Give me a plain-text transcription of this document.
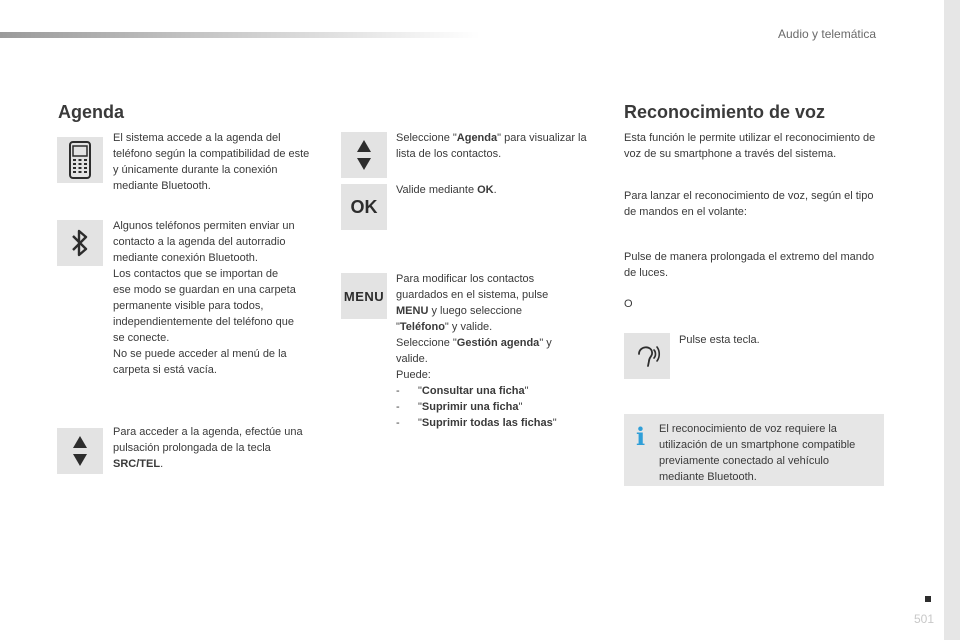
Audio y telemática
Agenda

El sistema accede a la agenda del teléfono según la compatibilidad de este y únicamente durante la conexión mediante Bluetooth.

Algunos teléfonos permiten enviar un
contacto a la agenda del autorradio
mediante conexión Bluetooth.
Los contactos que se importan de
ese modo se guardan en una carpeta
permanente visible para todos,
independientemente del teléfono que
se conecte.
No se puede acceder al menú de la
carpeta si está vacía.

Para acceder a la agenda, efectúe una pulsación prolongada de la tecla SRC/TEL.

Seleccione "Agenda" para visualizar la lista de los contactos.

OK

Valide mediante OK.

MENU
Para modificar los contactos
guardados en el sistema, pulse
MENU y luego seleccione
"Teléfono" y valide.
Seleccione "Gestión agenda" y
valide.
Puede:
- "Consultar una ficha"
- "Suprimir una ficha"
- "Suprimir todas las fichas"
Reconocimiento de voz

Esta función le permite utilizar el reconocimiento de voz de su smartphone a través del sistema.

Para lanzar el reconocimiento de voz, según el tipo de mandos en el volante:

Pulse de manera prolongada el extremo del mando de luces.

O

Pulse esta tecla.

i El reconocimiento de voz requiere la utilización de un smartphone compatible previamente conectado al vehículo mediante Bluetooth.

501
